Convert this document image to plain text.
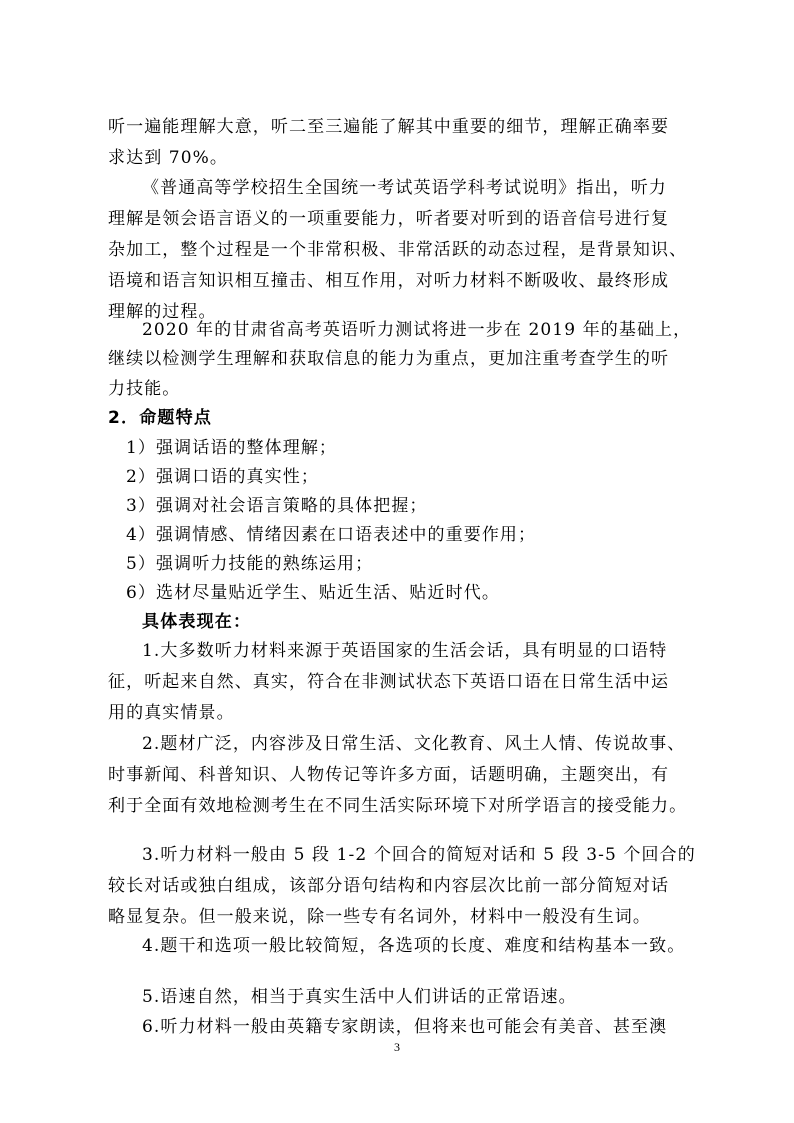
听一遍能理解大意，听二至三遍能了解其中重要的细节，理解正确率要
求达到 70%。
《普通高等学校招生全国统一考试英语学科考试说明》指出，听力
理解是领会语言语义的一项重要能力，听者要对听到的语音信号进行复
杂加工，整个过程是一个非常积极、非常活跃的动态过程，是背景知识、
语境和语言知识相互撞击、相互作用，对听力材料不断吸收、最终形成
理解的过程。
2020 年的甘肃省高考英语听力测试将进一步在 2019 年的基础上，
继续以检测学生理解和获取信息的能力为重点，更加注重考查学生的听
力技能。
2．命题特点
1）强调话语的整体理解；
2）强调口语的真实性；
3）强调对社会语言策略的具体把握；
4）强调情感、情绪因素在口语表述中的重要作用；
5）强调听力技能的熟练运用；
6）选材尽量贴近学生、贴近生活、贴近时代。
具体表现在：
1.大多数听力材料来源于英语国家的生活会话，具有明显的口语特
征，听起来自然、真实，符合在非测试状态下英语口语在日常生活中运
用的真实情景。
2.题材广泛，内容涉及日常生活、文化教育、风土人情、传说故事、
时事新闻、科普知识、人物传记等许多方面，话题明确，主题突出，有
利于全面有效地检测考生在不同生活实际环境下对所学语言的接受能力。
3.听力材料一般由 5 段 1-2 个回合的简短对话和 5 段 3-5 个回合的
较长对话或独白组成，该部分语句结构和内容层次比前一部分简短对话
略显复杂。但一般来说，除一些专有名词外，材料中一般没有生词。
4.题干和选项一般比较简短，各选项的长度、难度和结构基本一致。
5.语速自然，相当于真实生活中人们讲话的正常语速。
6.听力材料一般由英籍专家朗读，但将来也可能会有美音、甚至澳
3
